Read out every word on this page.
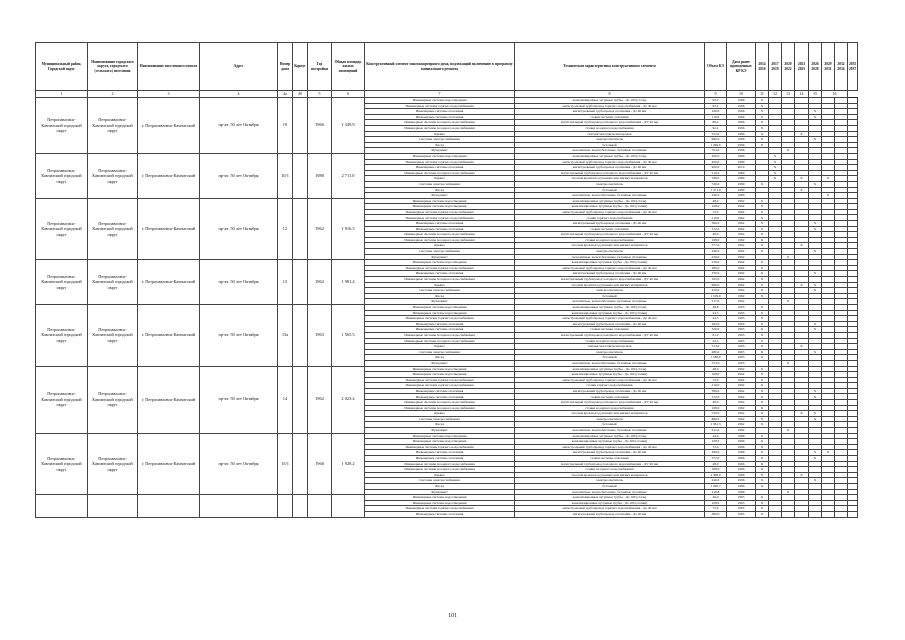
Муниципальный район, Городской округ	Наименование городского округа, городского (сельского) поселения	Наименование населенного пункта	Адрес	Номер дома	Корпус	Год постройки	Общая площадь жилых помещений	Конструктивный элемент многоквартирного дома, подлежащий включению в программу капитального ремонта	Техническая характеристика конструктивного элемента	Объем КЭ	Дата ранее проведенных КР КЭ	2014 2016	2017 2019	2020 2022	2023 2025	2026 2028	2029 2031	2032 2034	2035 2037
1	2	3	4	4а	4б	5	6	7	8	9	10	11	12	13	14	15	16		
Петропавловск-Камчатский городской округ	Петропавловск-Камчатский городской округ	г. Петропавловск-Камчатский	пр-кт. 50 лет Октября	10		1966	1 349.9	Инженерные системы водоотведения	канализационные чугунные трубы - До 100 (сталь)	92,2	1966	X							
								Инженерные системы горячего водоснабжения	магистральный трубопровод горячего водоснабжения - До 40 мм	92,2	1966	X							
								Инженерные системы отопления	магистральный трубопровод отопления - До 40 мм	160,0	1966	X				X			
								Инженерные системы отопления	стояки системы отопления	119,6	1966	X				X			
								Инженерные системы холодного водоснабжения	магистральный трубопровод холодного водоснабжения - ДУ 40 мм	88,2	1966	X							
								Инженерные системы холодного водоснабжения	стояки холодного водоснабжения	92,2	1966	X							
								Крыша	скатная металлическая кровля	553,0	1966	X			X				
								Системы электроснабжения	электроосветитель	990,0	1966	X				X			
								Фасад	бетонный	1 296,0	1966	X							
								Фундамент	монолитные, железобетонные, бетонные сплошные	553,0	1966			X					
Петропавловск-Камчатский городской округ	Петропавловск-Камчатский городской округ	г. Петропавловск-Камчатский	пр-кт. 50 лет Октября	10/1		1980	2 711.0	Инженерные системы водоотведения	канализационные чугунные трубы - До 100 (сталь)	260,0	1980		X						
								Инженерные системы горячего водоснабжения	магистральный трубопровод горячего водоснабжения - До 40 мм	400,0	1980		X						
								Инженерные системы отопления	магистральный трубопровод отопления - До 40 мм	900,0	2010		X						
								Инженерные системы холодного водоснабжения	магистральный трубопровод холодного водоснабжения - ДУ 40 мм	210,0	1980		X						
								Крыша	плоская кровля из рулонных или мягких материалов	760,0	1980		X		X		X		
								Системы электроснабжения	электроосветитель	720,0	1980	X				X			
								Фасад	бетонный	1 271,0	1980				X				
								Фундамент	монолитные, железобетонные, бетонные сплошные	290,0	1980						X		
Петропавловск-Камчатский городской округ	Петропавловск-Камчатский городской округ	г. Петропавловск-Камчатский	пр-кт. 50 лет Октября	12		1962	1 916.5	Инженерные системы водоотведения	канализационные чугунные трубы - До 100 (сталь)	48,2	1962	X							
								Инженерные системы водоотведения	канализационные чугунные трубы - До 100 (стояки)	108,0	1962	X							
								Инженерные системы горячего водоснабжения	магистральный трубопровод горячего водоснабжения - До 40 мм	72,0	1962	X							
								Инженерные системы горячего водоснабжения	стояки горячего водоснабжения	216,0	1962	X							
								Инженерные системы отопления	магистральный трубопровод отопления - До 40 мм	360,0	1962	X				X			
								Инженерные системы отопления	стояки системы отопления	372,0	1962	X				X			
								Инженерные системы холодного водоснабжения	магистральный трубопровод холодного водоснабжения - ДУ 40 мм	48,0	1962	X							
								Инженерные системы холодного водоснабжения	стояки холодного водоснабжения	108,0	1962	X							
								Крыша	плоская кровля из рулонных или мягких материалов	577,0	1962	X			X				
								Системы электроснабжения	электроосветитель	240,0	1962	X				X			
								Фундамент	монолитные, железобетонные, бетонные сплошные	220,0	1962			X					
Петропавловск-Камчатский городской округ	Петропавловск-Камчатский городской округ	г. Петропавловск-Камчатский	пр-кт. 50 лет Октября	13		1962	1 981.4	Инженерные системы водоотведения	канализационные чугунные трубы - До 100 (стояки)	156,0	1962	X							
								Инженерные системы горячего водоснабжения	магистральный трубопровод горячего водоснабжения - До 40 мм	280,0	1962	X							
								Инженерные системы отопления	магистральный трубопровод отопления - До 40 мм	350,0	1962	X				X			
								Инженерные системы холодного водоснабжения	магистральный трубопровод холодного водоснабжения - ДУ 40 мм	165,0	1962	X							
								Крыша	плоская кровля из рулонных или мягких материалов	666,0	1962	X			X	X			
								Системы электроснабжения	электроосветитель	250,0	1962	X				X			
								Фасад	бетонный	1 109,0	1962	X							
								Фундамент	монолитные, железобетонные, бетонные сплошные	217,0	1962			X					
Петропавловск-Камчатский городской округ	Петропавловск-Камчатский городской округ	г. Петропавловск-Камчатский	пр-кт. 50 лет Октября	13а		1963	1 565.5	Инженерные системы водоотведения	канализационные чугунные трубы - До 100 (сталь)	48,8	1963	X							
								Инженерные системы водоотведения	канализационные чугунные трубы - До 100 (стояки)	24,5	1963	X							
								Инженерные системы горячего водоснабжения	магистральный трубопровод горячего водоснабжения - До 40 мм	24,5	1963	X							
								Инженерные системы отопления	магистральный трубопровод отопления - До 40 мм	262,0	1963	X				X			
								Инженерные системы отопления	стояки системы отопления	326,0	1963	X				X			
								Инженерные системы холодного водоснабжения	магистральный трубопровод холодного водоснабжения - ДУ 40 мм	81,2	1963	X							
								Инженерные системы холодного водоснабжения	стояки холодного водоснабжения	24,5	1963	X							
								Крыша	скатная металлическая кровля	513,0	1963	X			X				
								Системы электроснабжения	электроосветитель	480,0	1963	X				X			
								Фасад	бетонный	1 188,0	1963	X							
								Фундамент	монолитные, железобетонные, бетонные сплошные	553,0	1963			X					
Петропавловск-Камчатский городской округ	Петропавловск-Камчатский городской округ	г. Петропавловск-Камчатский	пр-кт. 50 лет Октября	14		1962	2 023.4	Инженерные системы водоотведения	канализационные чугунные трубы - До 100 (сталь)	48,0	1962	X							
								Инженерные системы водоотведения	канализационные чугунные трубы - До 100 (стояки)	108,0	1962	X							
								Инженерные системы горячего водоснабжения	магистральный трубопровод горячего водоснабжения - До 40 мм	72,0	1962	X							
								Инженерные системы горячего водоснабжения	стояки горячего водоснабжения	216,0	1962	X							
								Инженерные системы отопления	магистральный трубопровод отопления - До 40 мм	360,0	1962	X				X			
								Инженерные системы отопления	стояки системы отопления	372,0	1962	X				X			
								Инженерные системы холодного водоснабжения	магистральный трубопровод холодного водоснабжения - ДУ 40 мм	48,0	1962	X							
								Инженерные системы холодного водоснабжения	стояки холодного водоснабжения	108,0	1962	X							
								Крыша	плоская кровля из рулонных или мягких материалов	720,0	1962	X			X	X			
								Системы электроснабжения	электроосветитель	860,0	1962	X				X			
								Фасад	бетонный	1 361,3	1962	X							
								Фундамент	монолитные, железобетонные, бетонные сплошные	221,0	1962			X					
Петропавловск-Камчатский городской округ	Петропавловск-Камчатский городской округ	г. Петропавловск-Камчатский	пр-кт. 50 лет Октября	15/1		1966	1 928.2	Инженерные системы водоотведения	канализационные чугунные трубы - До 100 (сталь)	44,0	1966	X							
								Инженерные системы водоотведения	канализационные чугунные трубы - До 100 (стояки)	108,0	1966	X							
								Инженерные системы горячего водоснабжения	магистральный трубопровод горячего водоснабжения - До 40 мм	72,0	1966	X							
								Инженерные системы отопления	магистральный трубопровод отопления - До 40 мм	360,0	1966	X				X	X		
								Инженерные системы отопления	стояки системы отопления	372,0	1966	X				X			
								Инженерные системы холодного водоснабжения	магистральный трубопровод холодного водоснабжения - ДУ 40 мм	48,0	1966	X							
								Инженерные системы холодного водоснабжения	стояки холодного водоснабжения	108,0	1966	X							
								Крыша	плоская кровля из рулонных или мягких материалов	1 408,0	1966	X			X				
								Системы электроснабжения	электроосветитель	240,0	1966	X				X			
								Фасад	бетонный	1 209,7	1966	X							
								Фундамент	монолитные, железобетонные, бетонные сплошные	219,8	1966			X					
								Инженерные системы водоотведения	канализационные чугунные трубы - До 100 (сталь)	46,0	1965	X							
								Инженерные системы водоотведения	канализационные чугунные трубы - До 100 (стояки)	108,0	1965	X							
								Инженерные системы горячего водоснабжения	магистральный трубопровод горячего водоснабжения - До 40 мм	72,0	1965	X							
								Инженерные системы отопления	магистральный трубопровод отопления - До 40 мм	360,0	1965	X							
101
